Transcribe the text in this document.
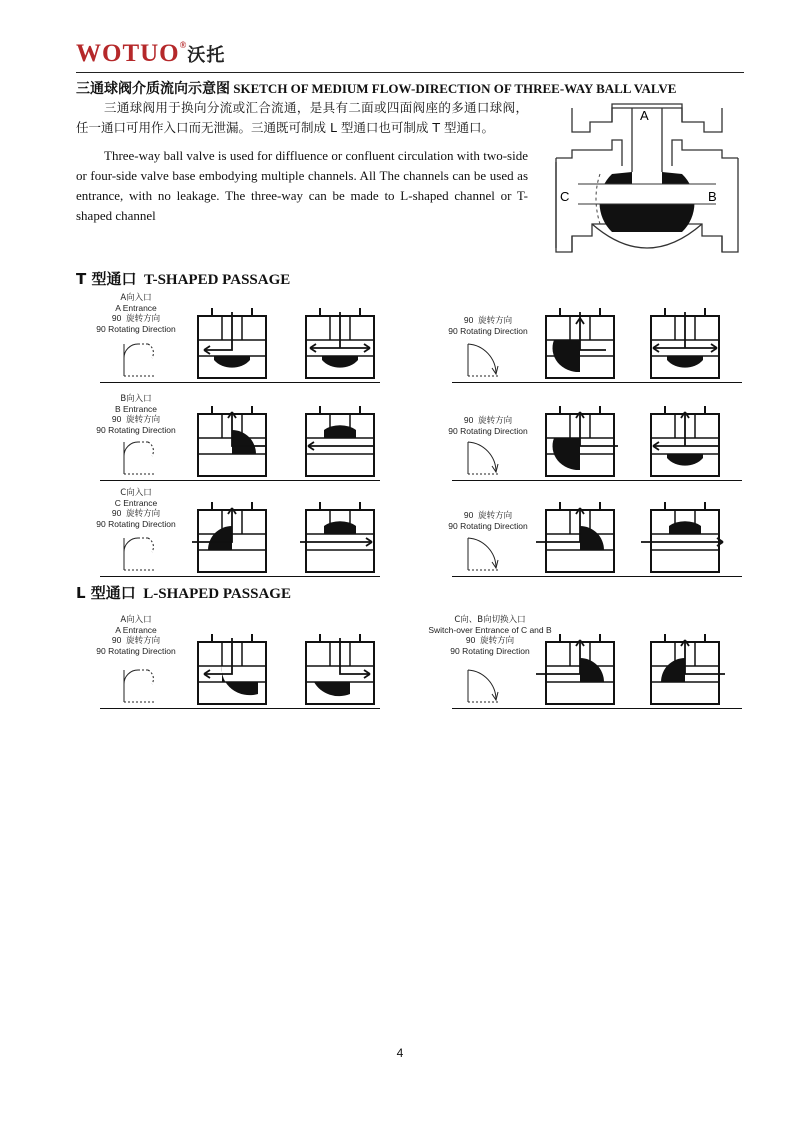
WOTUO®沃托
三通球阀介质流向示意图 SKETCH OF MEDIUM FLOW-DIRECTION OF THREE-WAY BALL VALVE

三通球阀用于换向分流或汇合流通，是具有二面或四面阀座的多通口球阀，任一通口可用作入口而无泄漏。三通既可制成 L 型通口也可制成 T 型通口。

Three-way ball valve is used for diffluence or confluent circulation with two-side or four-side valve base embodying multiple channels. All The channels can be used as entrance, with no leakage. The three-way can be made to L-shaped channel or T-shaped channel

A
C	B
T 型通口 T-SHAPED PASSAGE
A向入口
A Entrance
90 旋转方向
90 Rotating Direction
90 旋转方向
90 Rotating Direction
B向入口
B Entrance
90 旋转方向
90 Rotating Direction
90 旋转方向
90 Rotating Direction
C向入口
C Entrance
90 旋转方向
90 Rotating Direction
90 旋转方向
90 Rotating Direction
L 型通口 L-SHAPED PASSAGE
A向入口
A Entrance
90 旋转方向
90 Rotating Direction
C向、B向切换入口
Switch-over Entrance of C and B
90 旋转方向
90 Rotating Direction
4
